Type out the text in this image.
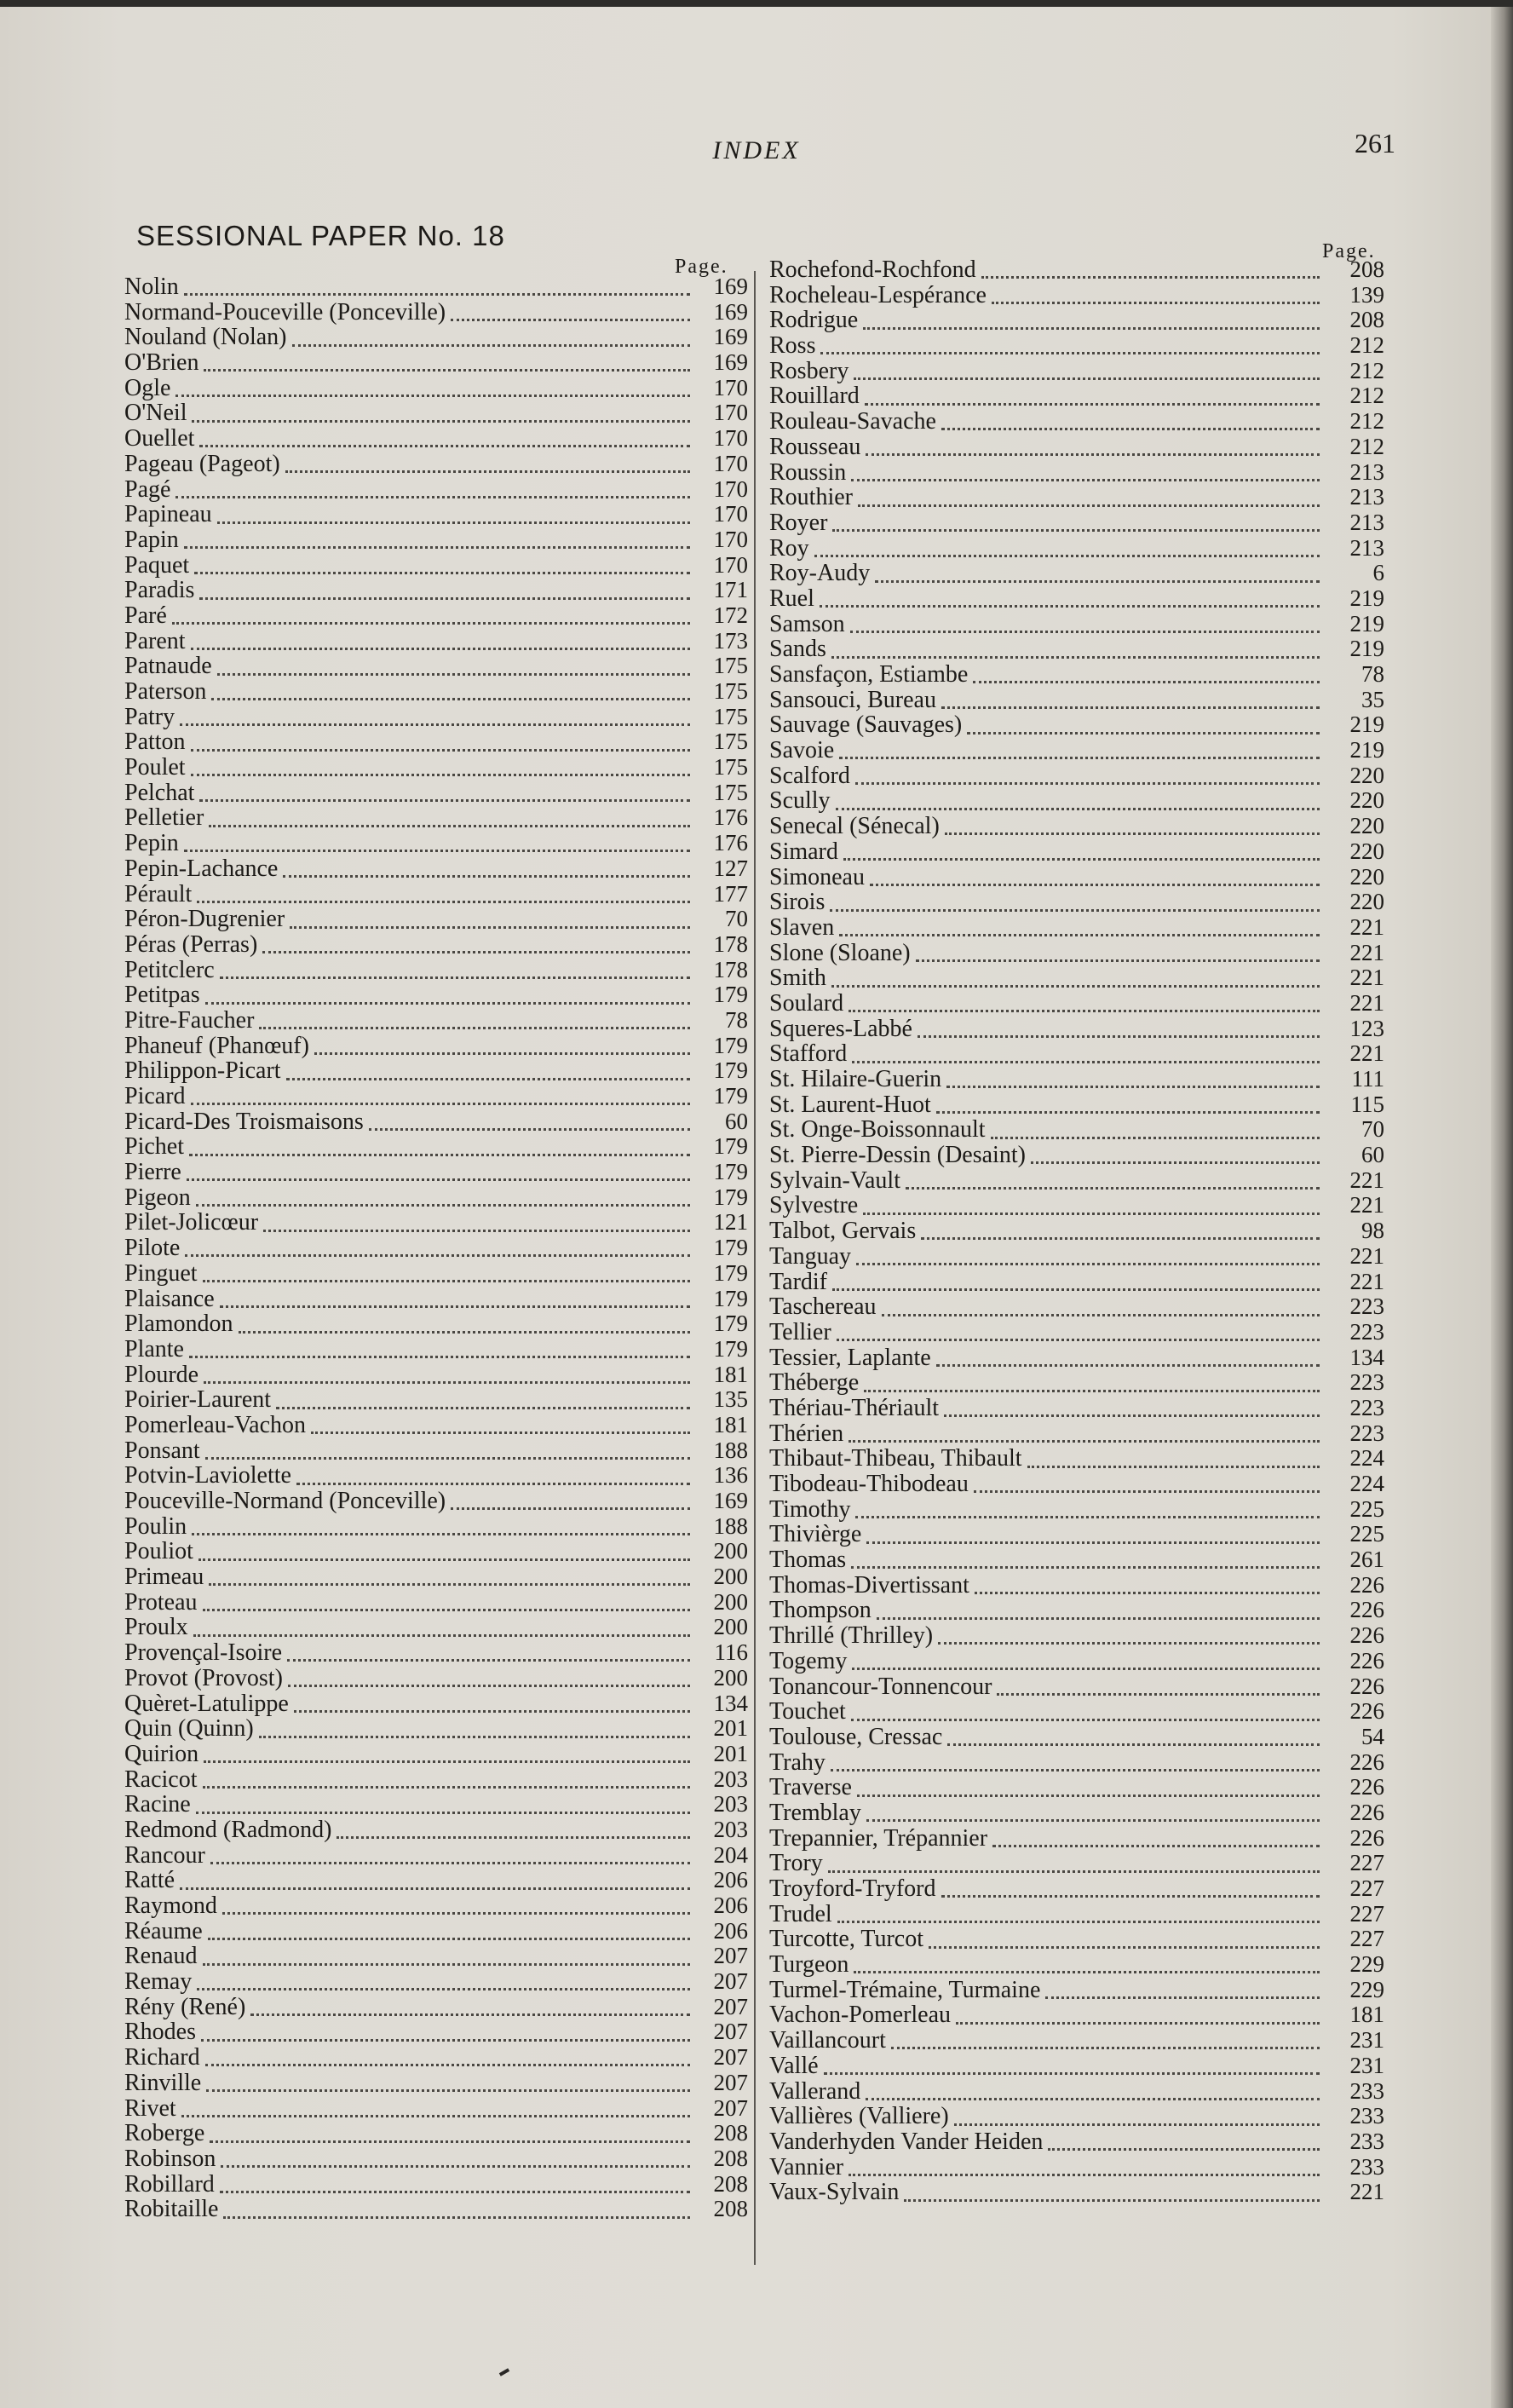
INDEX	261
SESSIONAL PAPER No. 18
Page.
Page.
Nolin	169
Normand-Pouceville (Ponceville)	169
Nouland (Nolan)	169
O'Brien	169
Ogle	170
O'Neil	170
Ouellet	170
Pageau (Pageot)	170
Pagé	170
Papineau	170
Papin	170
Paquet	170
Paradis	171
Paré	172
Parent	173
Patnaude	175
Paterson	175
Patry	175
Patton	175
Poulet	175
Pelchat	175
Pelletier	176
Pepin	176
Pepin-Lachance	127
Pérault	177
Péron-Dugrenier	70
Péras (Perras)	178
Petitclerc	178
Petitpas	179
Pitre-Faucher	78
Phaneuf (Phanœuf)	179
Philippon-Picart	179
Picard	179
Picard-Des Troismaisons	60
Pichet	179
Pierre	179
Pigeon	179
Pilet-Jolicœur	121
Pilote	179
Pinguet	179
Plaisance	179
Plamondon	179
Plante	179
Plourde	181
Poirier-Laurent	135
Pomerleau-Vachon	181
Ponsant	188
Potvin-Laviolette	136
Pouceville-Normand (Ponceville)	169
Poulin	188
Pouliot	200
Primeau	200
Proteau	200
Proulx	200
Provençal-Isoire	116
Provot (Provost)	200
Quèret-Latulippe	134
Quin (Quinn)	201
Quirion	201
Racicot	203
Racine	203
Redmond (Radmond)	203
Rancour	204
Ratté	206
Raymond	206
Réaume	206
Renaud	207
Remay	207
Rény (René)	207
Rhodes	207
Richard	207
Rinville	207
Rivet	207
Roberge	208
Robinson	208
Robillard	208
Robitaille	208
Rochefond-Rochfond	208
Rocheleau-Lespérance	139
Rodrigue	208
Ross	212
Rosbery	212
Rouillard	212
Rouleau-Savache	212
Rousseau	212
Roussin	213
Routhier	213
Royer	213
Roy	213
Roy-Audy	6
Ruel	219
Samson	219
Sands	219
Sansfaçon, Estiambe	78
Sansouci, Bureau	35
Sauvage (Sauvages)	219
Savoie	219
Scalford	220
Scully	220
Senecal (Sénecal)	220
Simard	220
Simoneau	220
Sirois	220
Slaven	221
Slone (Sloane)	221
Smith	221
Soulard	221
Squeres-Labbé	123
Stafford	221
St. Hilaire-Guerin	111
St. Laurent-Huot	115
St. Onge-Boissonnault	70
St. Pierre-Dessin (Desaint)	60
Sylvain-Vault	221
Sylvestre	221
Talbot, Gervais	98
Tanguay	221
Tardif	221
Taschereau	223
Tellier	223
Tessier, Laplante	134
Théberge	223
Thériau-Thériault	223
Thérien	223
Thibaut-Thibeau, Thibault	224
Tibodeau-Thibodeau	224
Timothy	225
Thivièrge	225
Thomas	261
Thomas-Divertissant	226
Thompson	226
Thrillé (Thrilley)	226
Togemy	226
Tonancour-Tonnencour	226
Touchet	226
Toulouse, Cressac	54
Trahy	226
Traverse	226
Tremblay	226
Trepannier, Trépannier	226
Trory	227
Troyford-Tryford	227
Trudel	227
Turcotte, Turcot	227
Turgeon	229
Turmel-Trémaine, Turmaine	229
Vachon-Pomerleau	181
Vaillancourt	231
Vallé	231
Vallerand	233
Vallières (Valliere)	233
Vanderhyden Vander Heiden	233
Vannier	233
Vaux-Sylvain	221
